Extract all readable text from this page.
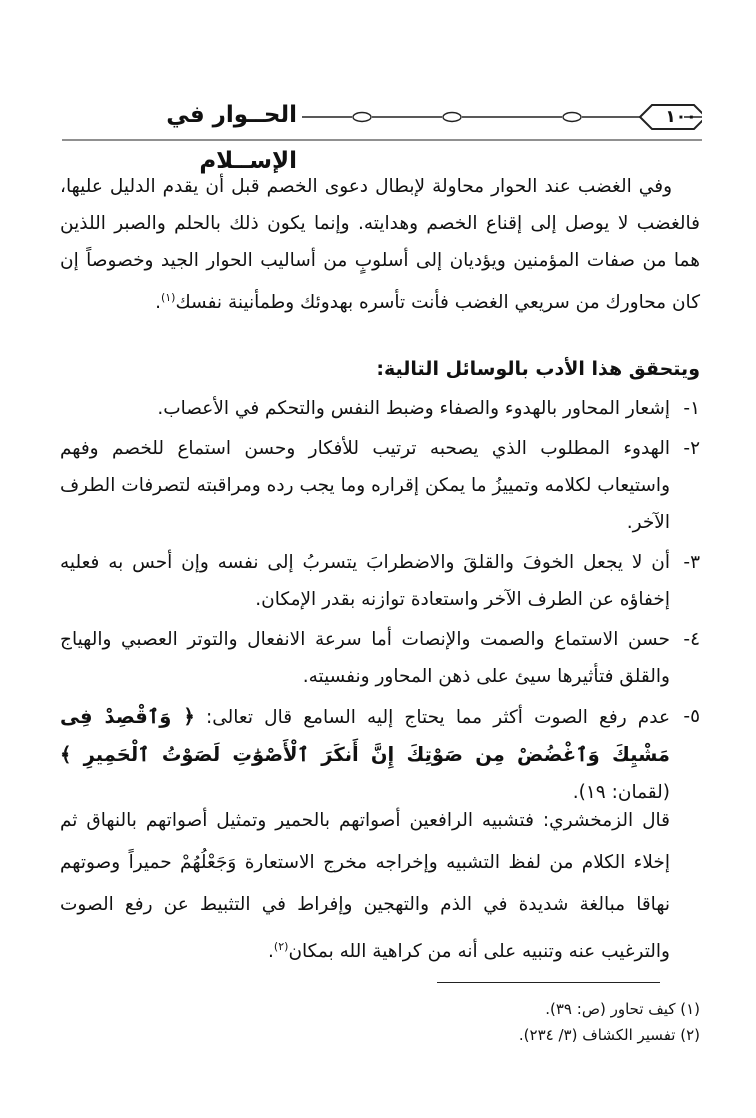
١٠٠
الحــوار في الإســلام
وفي الغضب عند الحوار محاولة لإبطال دعوى الخصم قبل أن يقدم الدليل عليها، فالغضب لا يوصل إلى إقناع الخصم وهدايته. وإنما يكون ذلك بالحلم والصبر اللذين هما من صفات المؤمنين ويؤديان إلى أسلوبٍ من أساليب الحوار الجيد وخصوصاً إن كان محاورك من سريعي الغضب فأنت تأسره بهدوئك وطمأنينة نفسك$^{(١)}$.
ويتحقق هذا الأدب بالوسائل التالية:
١-
إشعار المحاور بالهدوء والصفاء وضبط النفس والتحكم في الأعصاب.
٢-
الهدوء المطلوب الذي يصحبه ترتيب للأفكار وحسن استماع للخصم وفهم واستيعاب لكلامه وتمييزُ ما يمكن إقراره وما يجب رده ومراقبته لتصرفات الطرف الآخر.
٣-
أن لا يجعل الخوفَ والقلقَ والاضطرابَ يتسربُ إلى نفسه وإن أحس به فعليه إخفاؤه عن الطرف الآخر واستعادة توازنه بقدر الإمكان.
٤-
حسن الاستماع والصمت والإنصات أما سرعة الانفعال والتوتر العصبي والهياج والقلق فتأثيرها سيئ على ذهن المحاور ونفسيته.
٥-
عدم رفع الصوت أكثر مما يحتاج إليه السامع قال تعالى: ﴿ وَٱقْصِدْ فِى مَشْيِكَ وَٱغْضُضْ مِن صَوْتِكَ إِنَّ أَنكَرَ ٱلْأَصْوَٰتِ لَصَوْتُ ٱلْحَمِيرِ ﴾ (لقمان: ١٩).
قال الزمخشري: فتشبيه الرافعين أصواتهم بالحمير وتمثيل أصواتهم بالنهاق ثم إخلاء الكلام من لفظ التشبيه وإخراجه مخرج الاستعارة وَجَعْلُهُمْ حميراً وصوتهم نهاقا مبالغة شديدة في الذم والتهجين وإفراط في التثبيط عن رفع الصوت والترغيب عنه وتنبيه على أنه من كراهية الله بمكان$^{(٢)}$.
(١) كيف تحاور (ص: ٣٩).
(٢) تفسير الكشاف (٣/ ٢٣٤).
